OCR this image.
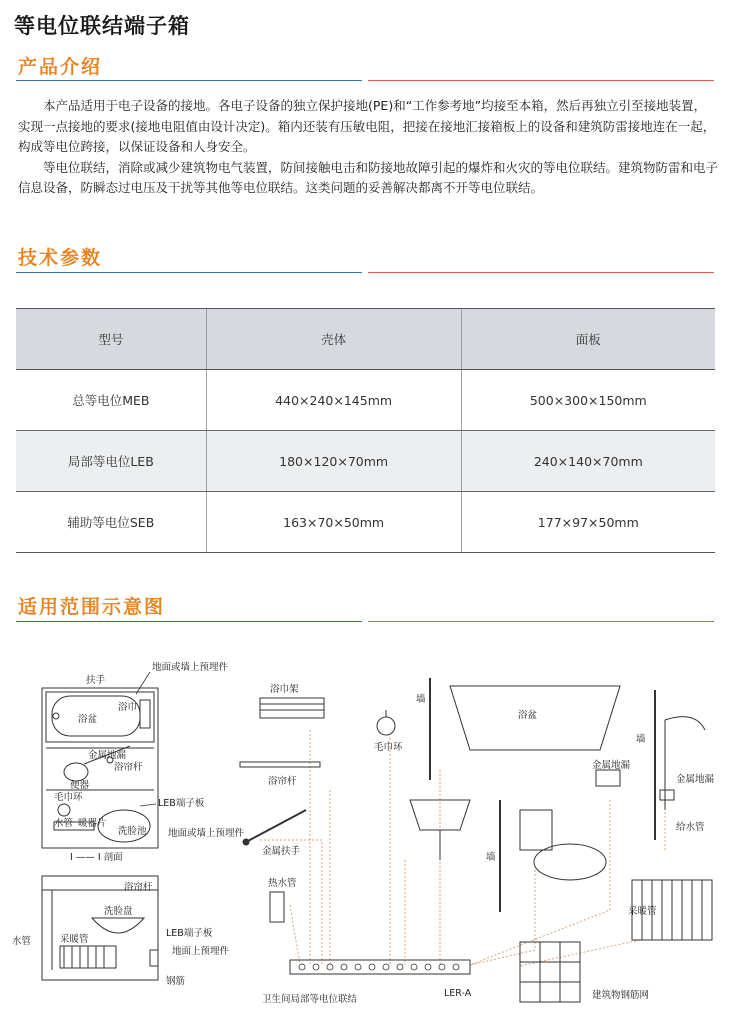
等电位联结端子箱
产品介绍

本产品适用于电子设备的接地。各电子设备的独立保护接地(PE)和“工作参考地”均接至本箱，然后再独立引至接地装置，实现一点接地的要求(接地电阻值由设计决定)。箱内还装有压敏电阻，把接在接地汇接箱板上的设备和建筑防雷接地连在一起，构成等电位跨接，以保证设备和人身安全。

等电位联结，消除或减少建筑物电气装置，防间接触电击和防接地故障引起的爆炸和火灾的等电位联结。建筑物防雷和电子信息设备，防瞬态过电压及干扰等其他等电位联结。这类问题的妥善解决都离不开等电位联结。

技术参数
型号	壳体	面板
总等电位MEB	440×240×145mm	500×300×150mm
局部等电位LEB	180×120×70mm	240×140×70mm
辅助等电位SEB	163×70×50mm	177×97×50mm
适用范围示意图
扶手
地面或墙上预埋件
浴盆
浴巾
金属地漏
浴帘杆
便器
毛巾环
水管 暖器片
LEB端子板
洗脸池 地面或墙上预埋件
I —— I 剖面
浴帘杆
洗脸盘
LEB端子板
水管	采暖管
地面上预埋件
钢筋
浴巾架
毛巾环
浴帘杆
金属扶手
热水管
墙
浴盆
金属地漏
墙
金属地漏
给水管
墙
采暖管
建筑物钢筋网
LER-A
卫生间局部等电位联结
